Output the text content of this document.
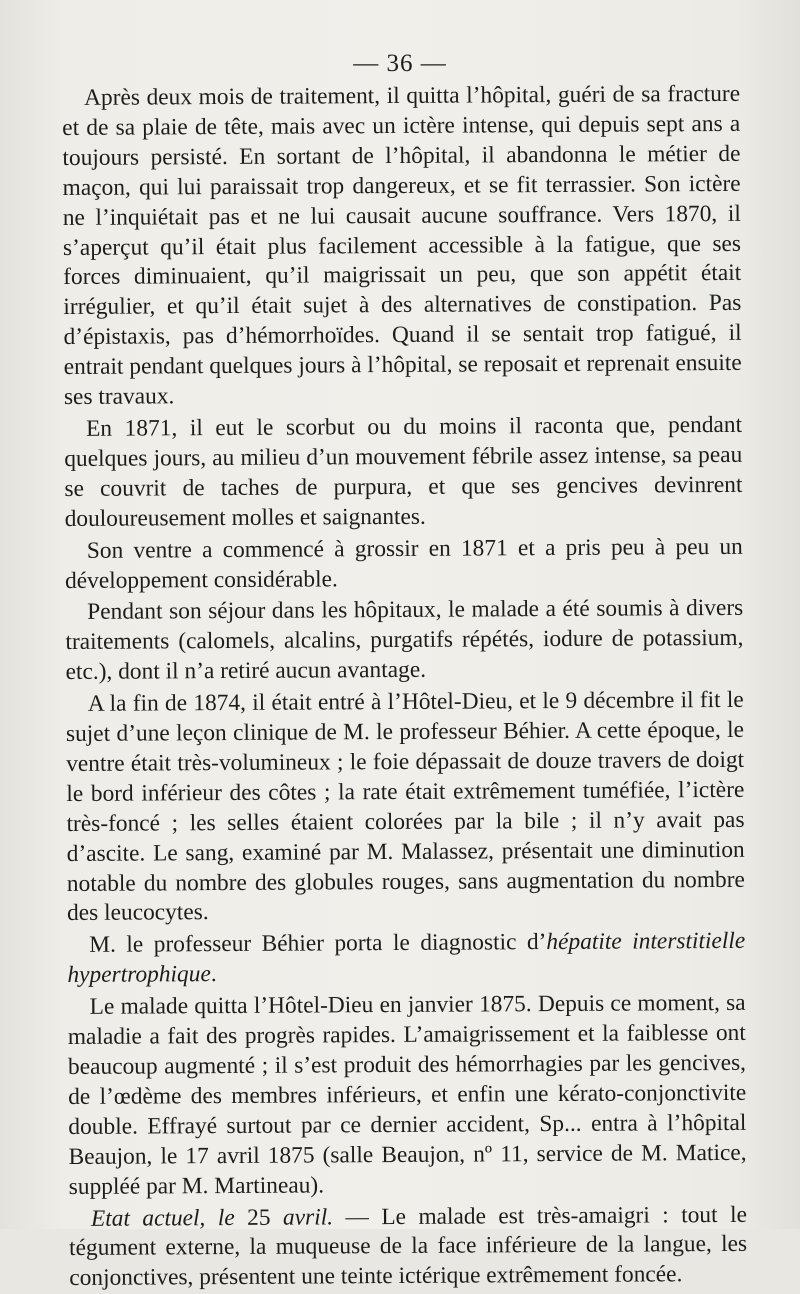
— 36 —

Après deux mois de traitement, il quitta l’hôpital, guéri de sa fracture et de sa plaie de tête, mais avec un ictère intense, qui depuis sept ans a toujours persisté. En sortant de l’hôpital, il abandonna le métier de maçon, qui lui paraissait trop dangereux, et se fit terrassier. Son ictère ne l’inquiétait pas et ne lui causait aucune souffrance. Vers 1870, il s’aperçut qu’il était plus facilement accessible à la fatigue, que ses forces diminuaient, qu’il maigrissait un peu, que son appétit était irrégulier, et qu’il était sujet à des alternatives de constipation. Pas d’épistaxis, pas d’hémorrhoïdes. Quand il se sentait trop fatigué, il entrait pendant quelques jours à l’hôpital, se reposait et reprenait ensuite ses travaux.

En 1871, il eut le scorbut ou du moins il raconta que, pendant quelques jours, au milieu d’un mouvement fébrile assez intense, sa peau se couvrit de taches de purpura, et que ses gencives devinrent douloureusement molles et saignantes.

Son ventre a commencé à grossir en 1871 et a pris peu à peu un développement considérable.

Pendant son séjour dans les hôpitaux, le malade a été soumis à divers traitements (calomels, alcalins, purgatifs répétés, iodure de potassium, etc.), dont il n’a retiré aucun avantage.

A la fin de 1874, il était entré à l’Hôtel-Dieu, et le 9 décembre il fit le sujet d’une leçon clinique de M. le professeur Béhier. A cette époque, le ventre était très-volumineux ; le foie dépassait de douze travers de doigt le bord inférieur des côtes ; la rate était extrêmement tuméfiée, l’ictère très-foncé ; les selles étaient colorées par la bile ; il n’y avait pas d’ascite. Le sang, examiné par M. Malassez, présentait une diminution notable du nombre des globules rouges, sans augmentation du nombre des leucocytes.

M. le professeur Béhier porta le diagnostic d’hépatite interstitielle hypertrophique.

Le malade quitta l’Hôtel-Dieu en janvier 1875. Depuis ce moment, sa maladie a fait des progrès rapides. L’amaigrissement et la faiblesse ont beaucoup augmenté ; il s’est produit des hémorrhagies par les gencives, de l’œdème des membres inférieurs, et enfin une kérato-conjonctivite double. Effrayé surtout par ce dernier accident, Sp... entra à l’hôpital Beaujon, le 17 avril 1875 (salle Beaujon, nº 11, service de M. Matice, suppléé par M. Martineau).

Etat actuel, le 25 avril. — Le malade est très-amaigri : tout le tégument externe, la muqueuse de la face inférieure de la langue, les conjonctives, présentent une teinte ictérique extrêmement foncée.
